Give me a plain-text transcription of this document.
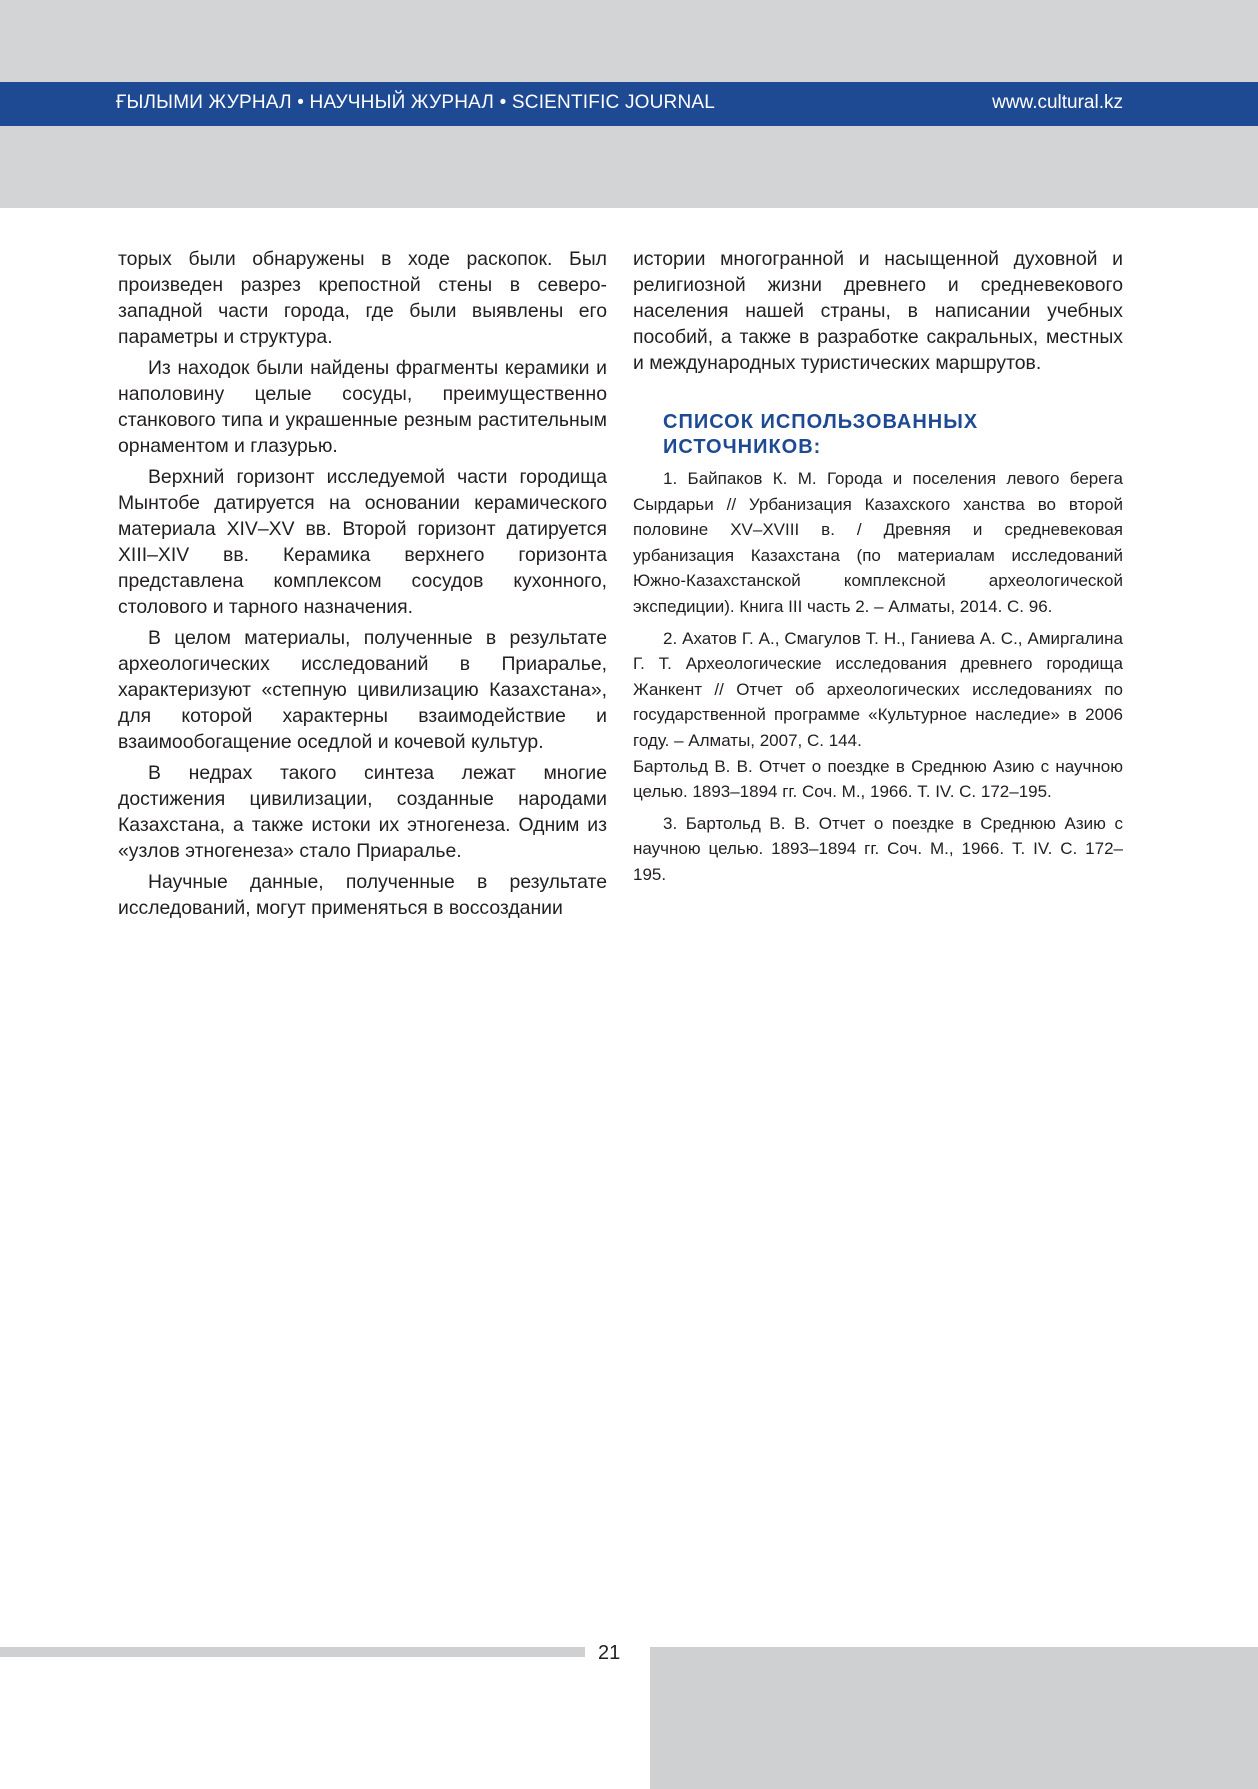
ҒЫЛЫМИ ЖУРНАЛ • НАУЧНЫЙ ЖУРНАЛ • SCIENTIFIC JOURNAL	www.cultural.kz

торых были обнаружены в ходе раскопок. Был произведен разрез крепостной стены в северо-западной части города, где были выявлены его параметры и структура.

Из находок были найдены фрагменты керамики и наполовину целые сосуды, преимущественно станкового типа и украшенные резным растительным орнаментом и глазурью.

Верхний горизонт исследуемой части городища Мынтобе датируется на основании керамического материала XIV–XV вв. Второй горизонт датируется XIII–XIV вв. Керамика верхнего горизонта представлена комплексом сосудов кухонного, столового и тарного назначения.

В целом материалы, полученные в результате археологических исследований в Приаралье, характеризуют «степную цивилизацию Казахстана», для которой характерны взаимодействие и взаимообогащение оседлой и кочевой культур.

В недрах такого синтеза лежат многие достижения цивилизации, созданные народами Казахстана, а также истоки их этногенеза. Одним из «узлов этногенеза» стало Приаралье.

Научные данные, полученные в результате исследований, могут применяться в воссоздании

истории многогранной и насыщенной духовной и религиозной жизни древнего и средневекового населения нашей страны, в написании учебных пособий, а также в разработке сакральных, местных и международных туристических маршрутов.

СПИСОК ИСПОЛЬЗОВАННЫХ
ИСТОЧНИКОВ:

1. Байпаков К. М. Города и поселения левого берега Сырдарьи // Урбанизация Казахского ханства во второй половине XV–XVIII в. / Древняя и средневековая урбанизация Казахстана (по материалам исследований Южно-Казахстанской комплексной археологической экспедиции). Книга III часть 2. – Алматы, 2014. С. 96.

2. Ахатов Г. А., Смагулов Т. Н., Ганиева А. С., Амиргалина Г. Т. Археологические исследования древнего городища Жанкент // Отчет об археологических исследованиях по государственной программе «Культурное наследие» в 2006 году. – Алматы, 2007, С. 144.

Бартольд В. В. Отчет о поездке в Среднюю Азию с научною целью. 1893–1894 гг. Соч. М., 1966. Т. IV. С. 172–195.

3. Бартольд В. В. Отчет о поездке в Среднюю Азию с научною целью. 1893–1894 гг. Соч. М., 1966. Т. IV. С. 172–195.

21
